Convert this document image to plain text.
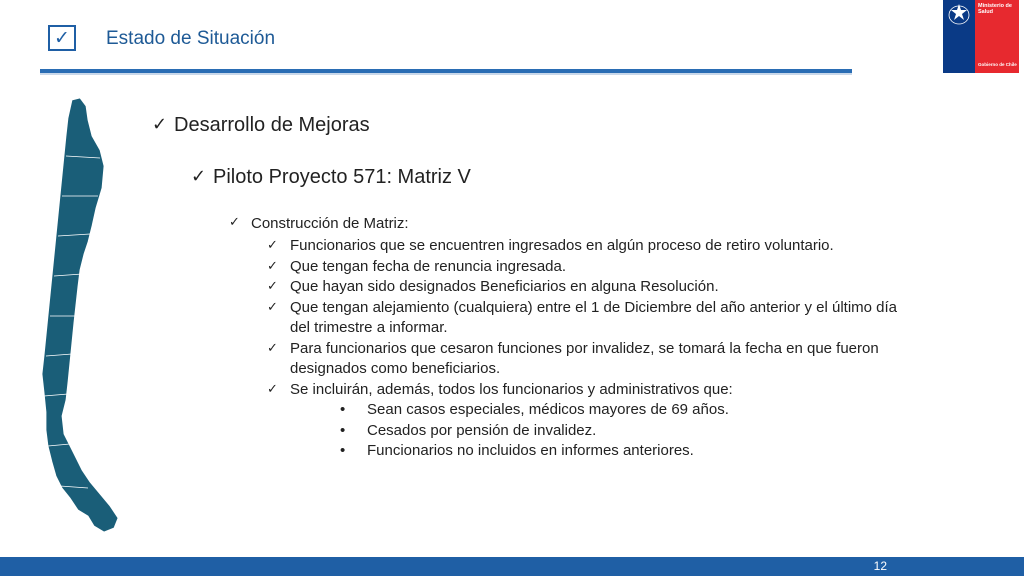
✓ Estado de Situación
Ministerio de
Salud
Gobierno de Chile
✓ Desarrollo de Mejoras
✓ Piloto Proyecto 571: Matriz V
✓ Construcción de Matriz:
✓ Funcionarios que se encuentren ingresados en algún proceso de retiro voluntario.
✓ Que tengan fecha de renuncia ingresada.
✓ Que hayan sido designados Beneficiarios en alguna Resolución.
✓ Que tengan alejamiento (cualquiera) entre el 1 de Diciembre del año anterior y el último día del trimestre a informar.
✓ Para funcionarios que cesaron funciones por invalidez, se tomará la fecha en que fueron designados como beneficiarios.
✓ Se incluirán, además, todos los funcionarios y administrativos que:
•	Sean casos especiales, médicos mayores de 69 años.
•	Cesados por pensión de invalidez.
•	Funcionarios no incluidos en informes anteriores.
12
